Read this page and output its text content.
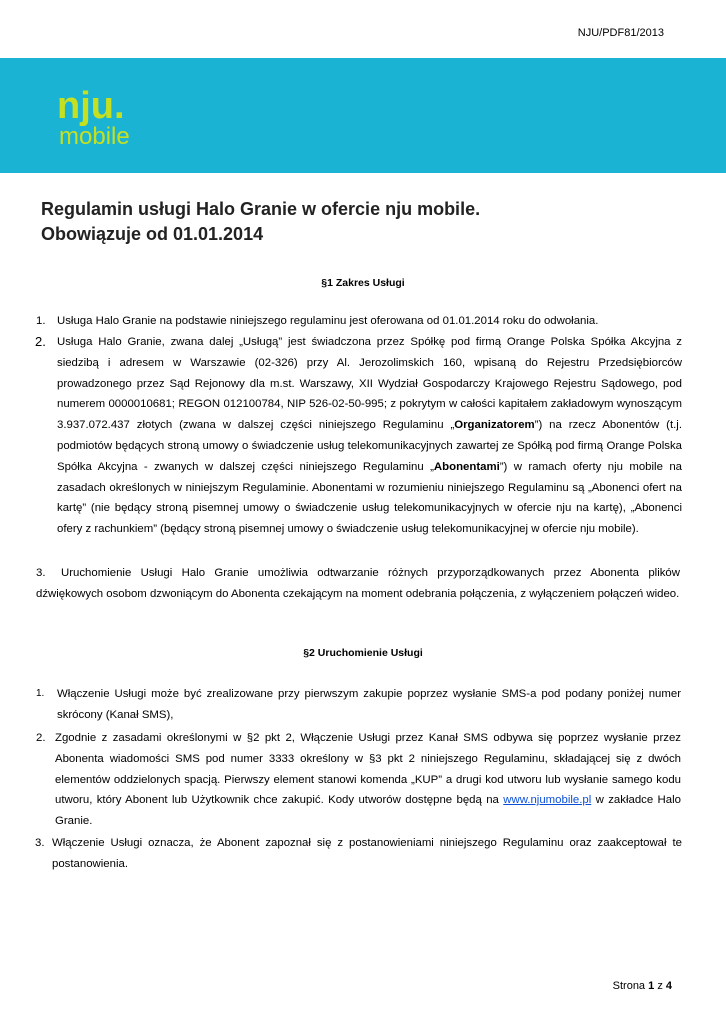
NJU/PDF81/2013
nju.
mobile
Regulamin usługi Halo Granie w ofercie nju mobile.
Obowiązuje od 01.01.2014
§1 Zakres Usługi
1.	Usługa Halo Granie na podstawie niniejszego regulaminu jest oferowana od 01.01.2014 roku do odwołania.
2. Usługa Halo Granie, zwana dalej „Usługą” jest świadczona przez Spółkę pod firmą Orange Polska Spółka Akcyjna z siedzibą i adresem w Warszawie (02-326) przy Al. Jerozolimskich 160, wpisaną do Rejestru Przedsiębiorców prowadzonego przez Sąd Rejonowy dla m.st. Warszawy, XII Wydział Gospodarczy Krajowego Rejestru Sądowego, pod numerem 0000010681; REGON 012100784, NIP 526-02-50-995; z pokrytym w całości kapitałem zakładowym wynoszącym 3.937.072.437 złotych (zwana w dalszej części niniejszego Regulaminu „Organizatorem”) na rzecz Abonentów (t.j. podmiotów będących stroną umowy o świadczenie usług telekomunikacyjnych zawartej ze Spółką pod firmą Orange Polska Spółka Akcyjna - zwanych w dalszej części niniejszego Regulaminu „Abonentami”) w ramach oferty nju mobile na zasadach określonych w niniejszym Regulaminie. Abonentami w rozumieniu niniejszego Regulaminu są „Abonenci ofert na kartę” (nie będący stroną pisemnej umowy o świadczenie usług telekomunikacyjnych w ofercie nju na kartę), „Abonenci ofery z rachunkiem” (będący stroną pisemnej umowy o świadczenie usług telekomunikacyjnej w ofercie nju mobile).
3.	Uruchomienie Usługi Halo Granie umożliwia odtwarzanie różnych przyporządkowanych przez Abonenta plików dźwiękowych osobom dzwoniącym do Abonenta czekającym na moment odebrania połączenia, z wyłączeniem połączeń wideo.
§2 Uruchomienie Usługi
1. Włączenie Usługi może być zrealizowane przy pierwszym zakupie poprzez wysłanie SMS-a pod podany poniżej numer skrócony (Kanał SMS),
2. Zgodnie z zasadami określonymi w §2 pkt 2, Włączenie Usługi przez Kanał SMS odbywa się poprzez wysłanie przez Abonenta wiadomości SMS pod numer 3333 określony w §3 pkt 2 niniejszego Regulaminu, składającej się z dwóch elementów oddzielonych spacją. Pierwszy element stanowi komenda „KUP” a drugi kod utworu lub wysłanie samego kodu utworu, który Abonent lub Użytkownik chce zakupić. Kody utworów dostępne będą na www.njumobile.pl w zakładce Halo Granie.
3. Włączenie Usługi oznacza, że Abonent zapoznał się z postanowieniami niniejszego Regulaminu oraz zaakceptował te postanowienia.
Strona 1 z 4
